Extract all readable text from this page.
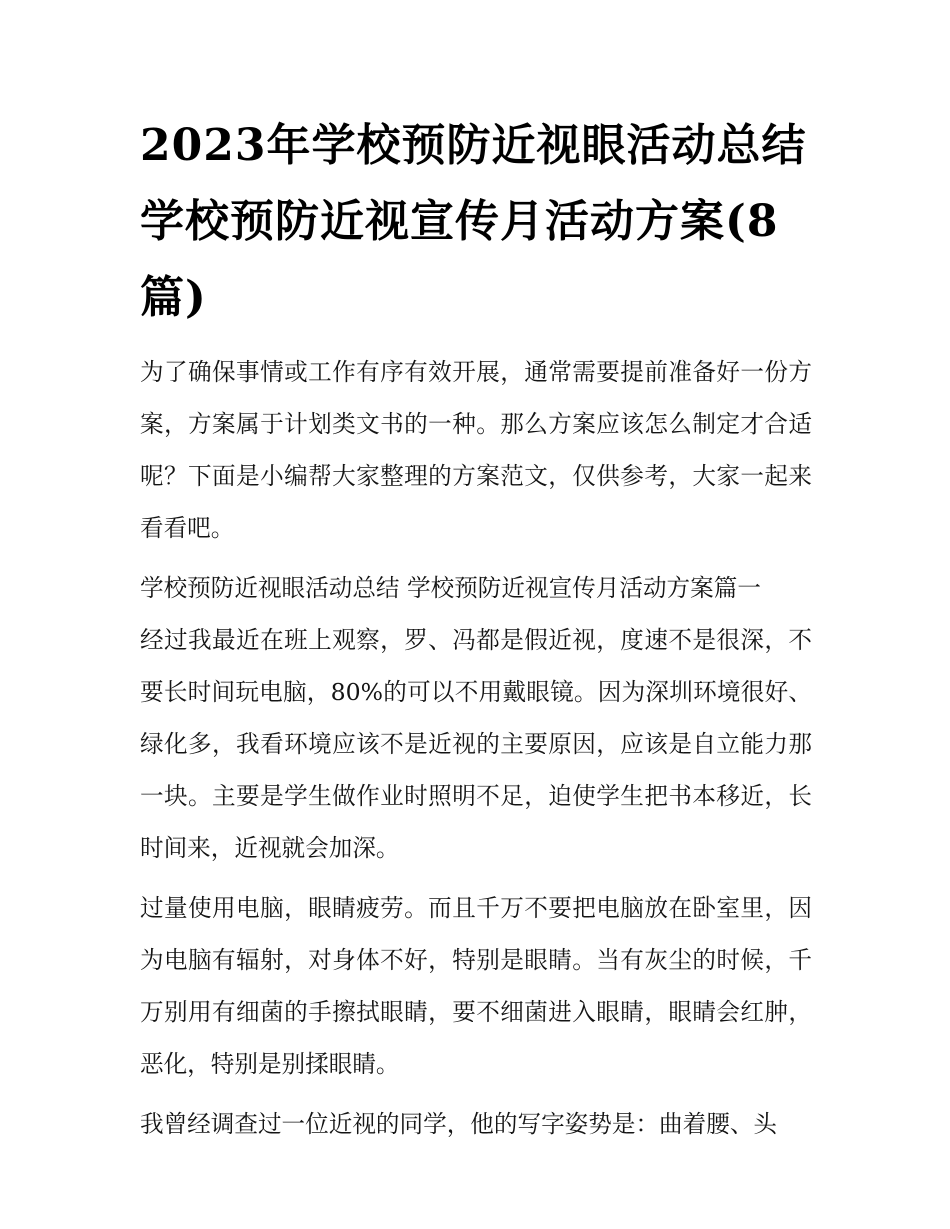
2023年学校预防近视眼活动总结 学校预防近视宣传月活动方案(8篇)

为了确保事情或工作有序有效开展，通常需要提前准备好一份方案，方案属于计划类文书的一种。那么方案应该怎么制定才合适呢？下面是小编帮大家整理的方案范文，仅供参考，大家一起来看看吧。

学校预防近视眼活动总结 学校预防近视宣传月活动方案篇一

经过我最近在班上观察，罗、冯都是假近视，度速不是很深，不要长时间玩电脑，80%的可以不用戴眼镜。因为深圳环境很好、绿化多，我看环境应该不是近视的主要原因，应该是自立能力那一块。主要是学生做作业时照明不足，迫使学生把书本移近，长时间来，近视就会加深。

过量使用电脑，眼睛疲劳。而且千万不要把电脑放在卧室里，因为电脑有辐射，对身体不好，特别是眼睛。当有灰尘的时候，千万别用有细菌的手擦拭眼睛，要不细菌进入眼睛，眼睛会红肿，恶化，特别是别揉眼睛。

我曾经调查过一位近视的同学，他的写字姿势是：曲着腰、头
